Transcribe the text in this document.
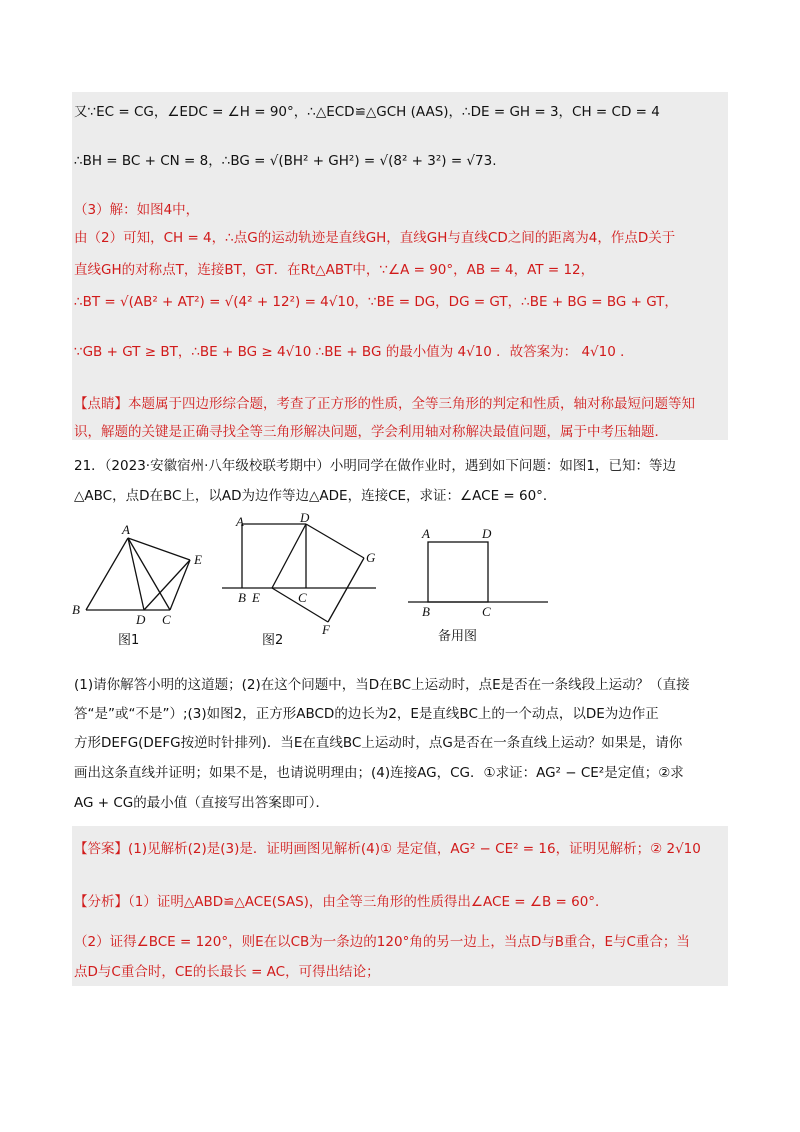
又∵EC = CG，∠EDC = ∠H = 90°，∴△ECD≌△GCH (AAS)，∴DE = GH = 3，CH = CD = 4
∴BH = BC + CN = 8，∴BG = √(BH² + GH²) = √(8² + 3²) = √73.
（3）解：如图4中，
由（2）可知，CH = 4，∴点G的运动轨迹是直线GH，直线GH与直线CD之间的距离为4，作点D关于
直线GH的对称点T，连接BT，GT．在Rt△ABT中，∵∠A = 90°，AB = 4，AT = 12，
∴BT = √(AB² + AT²) = √(4² + 12²) = 4√10，∵BE = DG，DG = GT，∴BE + BG = BG + GT，
∵GB + GT ≥ BT，∴BE + BG ≥ 4√10 ∴BE + BG 的最小值为 4√10 ．故答案为： 4√10 ．
【点睛】本题属于四边形综合题，考查了正方形的性质，全等三角形的判定和性质，轴对称最短问题等知
识，解题的关键是正确寻找全等三角形解决问题，学会利用轴对称解决最值问题，属于中考压轴题．
21．（2023·安徽宿州·八年级校联考期中）小明同学在做作业时，遇到如下问题：如图1，已知：等边
△ABC，点D在BC上，以AD为边作等边△ADE，连接CE，求证：∠ACE = 60°．
A
E
B
D C
图1
A	D
G
B E	C
F
图2
A	D
B	C
备用图
(1)请你解答小明的这道题；(2)在这个问题中，当D在BC上运动时，点E是否在一条线段上运动？（直接
答“是”或“不是”）;(3)如图2，正方形ABCD的边长为2，E是直线BC上的一个动点，以DE为边作正
方形DEFG(DEFG按逆时针排列)．当E在直线BC上运动时，点G是否在一条直线上运动？如果是，请你
画出这条直线并证明；如果不是，也请说明理由；(4)连接AG，CG．①求证：AG² − CE²是定值；②求
AG + CG的最小值（直接写出答案即可）．
【答案】(1)见解析(2)是(3)是．证明画图见解析(4)① 是定值，AG² − CE² = 16，证明见解析；② 2√10
【分析】（1）证明△ABD≌△ACE(SAS)，由全等三角形的性质得出∠ACE = ∠B = 60°．
（2）证得∠BCE = 120°，则E在以CB为一条边的120°角的另一边上，当点D与B重合，E与C重合；当
点D与C重合时，CE的长最长 = AC，可得出结论；
